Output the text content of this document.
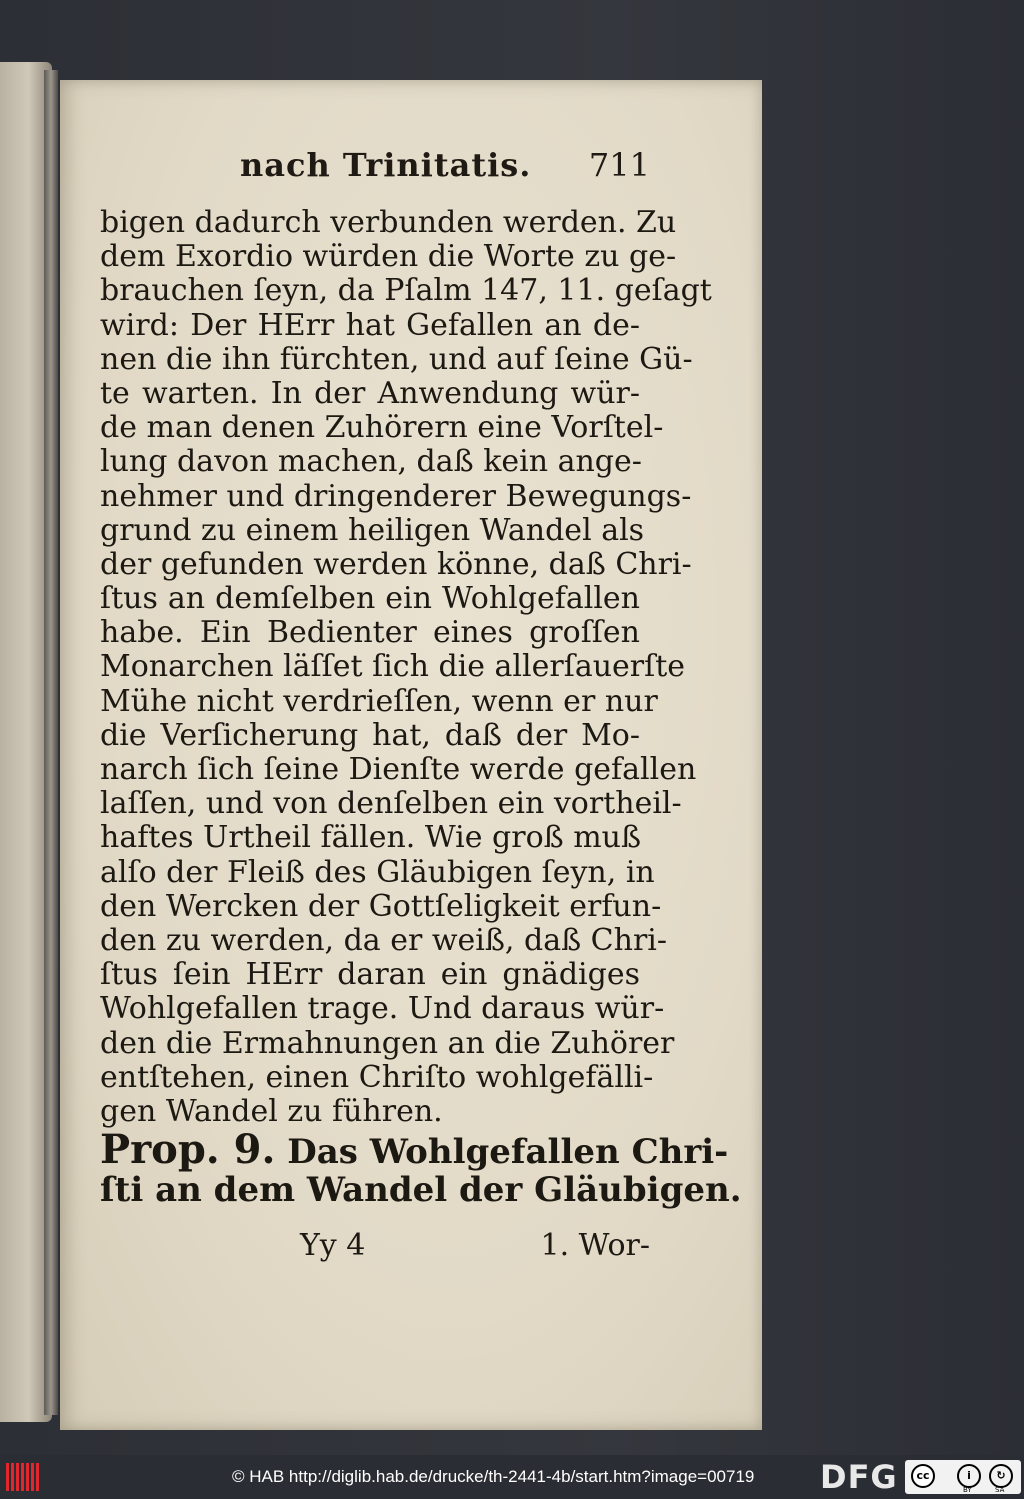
nach Trinitatis. 711
bigen dadurch verbunden werden. Zu
dem Exordio würden die Worte zu ge-
brauchen ſeyn, da Pſalm 147, 11. geſagt
wird: Der HErr hat Gefallen an de-
nen die ihn fürchten, und auf ſeine Gü-
te warten. In der Anwendung wür-
de man denen Zuhörern eine Vorſtel-
lung davon machen, daß kein ange-
nehmer und dringenderer Bewegungs-
grund zu einem heiligen Wandel als
der gefunden werden könne, daß Chri-
ſtus an demſelben ein Wohlgefallen
habe. Ein Bedienter eines groſſen
Monarchen läſſet ſich die allerſauerſte
Mühe nicht verdrieſſen, wenn er nur
die Verſicherung hat, daß der Mo-
narch ſich ſeine Dienſte werde gefallen
laſſen, und von denſelben ein vortheil-
haftes Urtheil fällen. Wie groß muß
alſo der Fleiß des Gläubigen ſeyn, in
den Wercken der Gottſeligkeit erfun-
den zu werden, da er weiß, daß Chri-
ſtus ſein HErr daran ein gnädiges
Wohlgefallen trage. Und daraus wür-
den die Ermahnungen an die Zuhörer
entſtehen, einen Chriſto wohlgefälli-
gen Wandel zu führen.
Prop. 9. Das Wohlgefallen Chri-
ſti an dem Wandel der Gläubigen.
Yy 4	1. Wor-
© HAB http://diglib.hab.de/drucke/th-2441-4b/start.htm?image=00719 DFG	cc	i	↻
BY	SA
